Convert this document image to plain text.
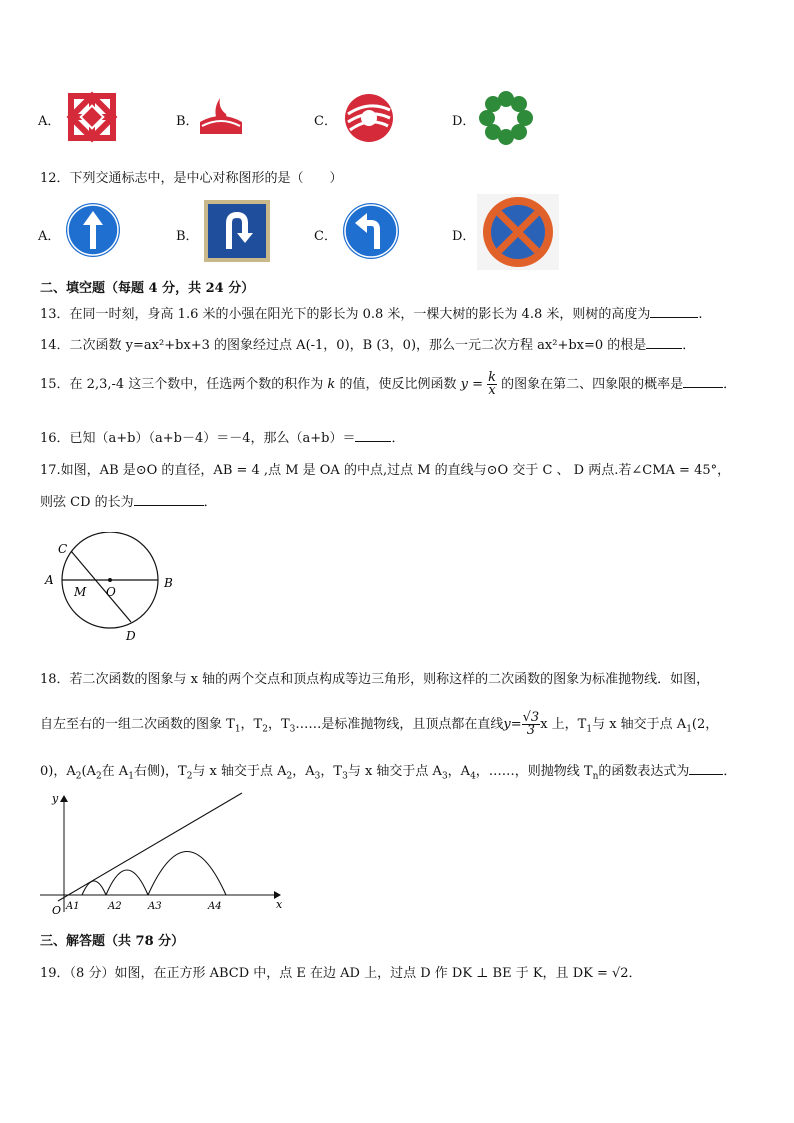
A．	B．	C．	D．
12．下列交通标志中，是中心对称图形的是（　　）
A．	B．	C．	D．
二、填空题（每题 4 分，共 24 分）
13．在同一时刻，身高 1.6 米的小强在阳光下的影长为 0.8 米，一棵大树的影长为 4.8 米，则树的高度为	.
14．二次函数 y=ax²+bx+3 的图象经过点 A(-1，0)，B (3，0)，那么一元二次方程 ax²+bx=0 的根是	．
15．在 2,3,-4 这三个数中，任选两个数的积作为 k 的值，使反比例函数 $y = \frac{k}{x}$ 的图象在第二、四象限的概率是	．
16．已知（a+b）（a+b－4）＝－4，那么（a+b）＝	．
17.如图，AB 是⊙O 的直径，AB = 4 ,点 M 是 OA 的中点,过点 M 的直线与⊙O 交于 C 、 D 两点.若∠CMA = 45°，
则弦 CD 的长为	．
C
A
M O
B
D
18．若二次函数的图象与 x 轴的两个交点和顶点构成等边三角形，则称这样的二次函数的图象为标准抛物线．如图，
自左至右的一组二次函数的图象 $T_1$，$T_2$，$T_3\dots\dots$是标准抛物线，且顶点都在直线$y= \frac{√3}{3}$ x 上，$T_1$与 x 轴交于点 $A_1(2$，
0)，$A_2(A_2$在 $A_1$右侧)，$T_2$与 x 轴交于点 $A_2$，$A_3$，$T_3$与 x 轴交于点 $A_3$，$A_4$，……，则抛物线 $T_n$的函数表达式为	．
y
x
O A1	A2	A3	A4
三、解答题（共 78 分）
19．（8 分）如图，在正方形 ABCD 中，点 E 在边 AD 上，过点 D 作 DK ⊥ BE 于 K，且 DK = √2．
